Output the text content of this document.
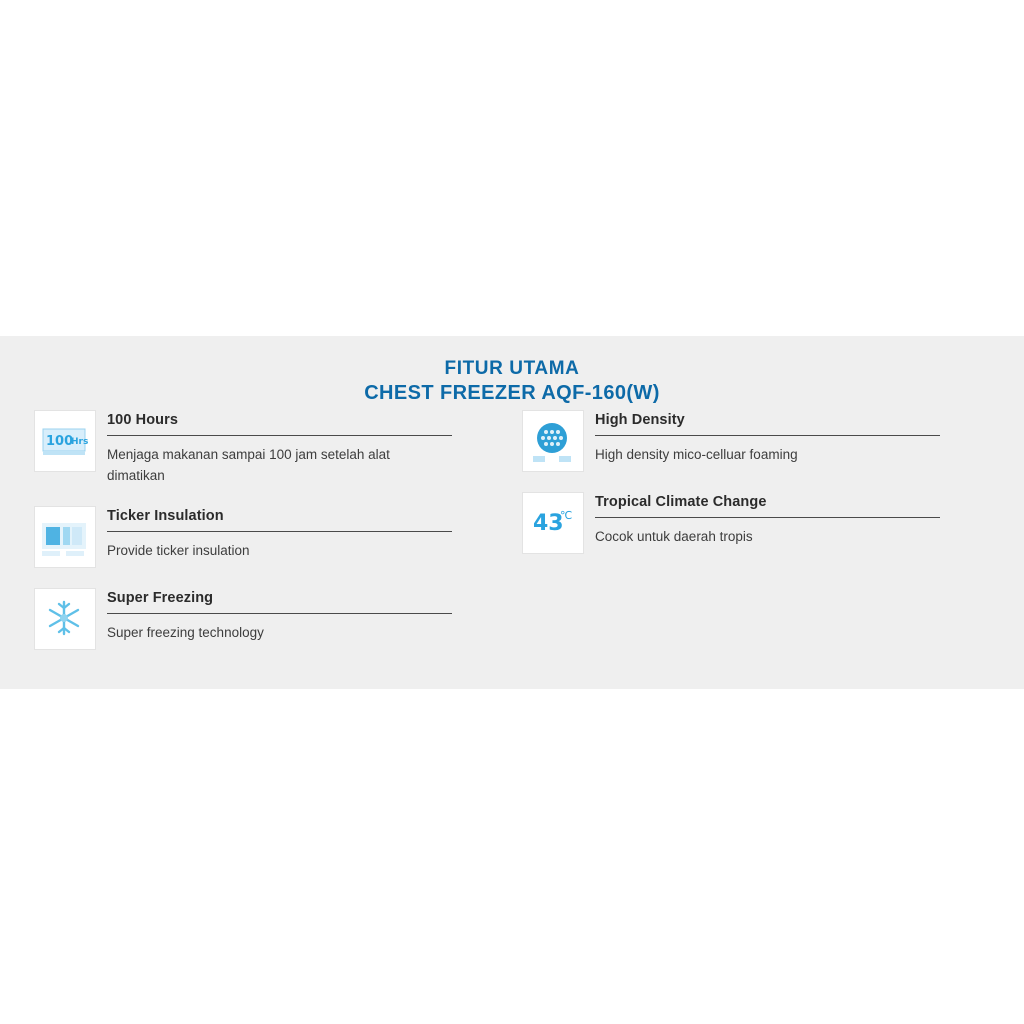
FITUR UTAMA
CHEST FREEZER AQF-160(W)
100
Hrs
100 Hours
Menjaga makanan sampai 100 jam setelah alat dimatikan
Ticker Insulation
Provide ticker insulation
Super Freezing
Super freezing technology
High Density
High density mico-celluar foaming
43
℃
Tropical Climate Change
Cocok untuk daerah tropis
